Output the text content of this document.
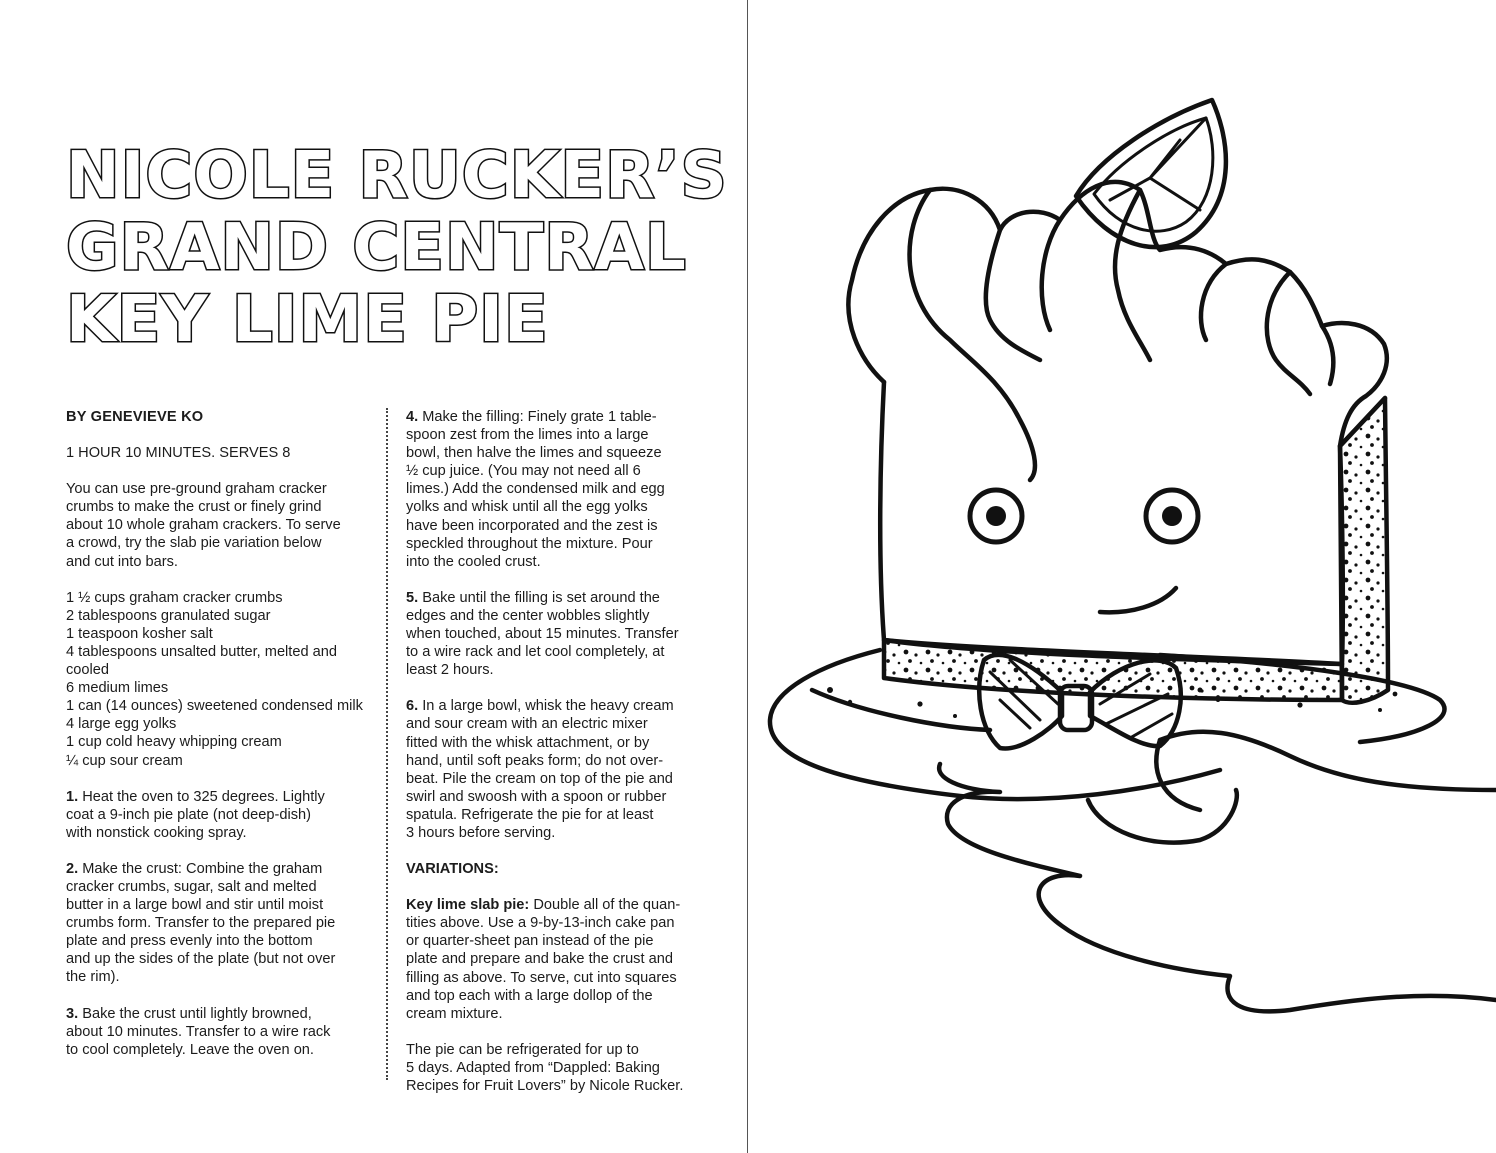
NICOLE RUCKER’S
GRAND CENTRAL
KEY LIME PIE

BY GENEVIEVE KO

1 HOUR 10 MINUTES. SERVES 8

You can use pre-ground graham cracker
crumbs to make the crust or finely grind
about 10 whole graham crackers. To serve
a crowd, try the slab pie variation below
and cut into bars.

1 ½ cups graham cracker crumbs
2 tablespoons granulated sugar
1 teaspoon kosher salt
4 tablespoons unsalted butter, melted and cooled
6 medium limes
1 can (14 ounces) sweetened condensed milk
4 large egg yolks
1 cup cold heavy whipping cream
¼ cup sour cream

1. Heat the oven to 325 degrees. Lightly
coat a 9-inch pie plate (not deep-dish)
with nonstick cooking spray.

2. Make the crust: Combine the graham
cracker crumbs, sugar, salt and melted
butter in a large bowl and stir until moist
crumbs form. Transfer to the prepared pie
plate and press evenly into the bottom
and up the sides of the plate (but not over
the rim).

3. Bake the crust until lightly browned,
about 10 minutes. Transfer to a wire rack
to cool completely. Leave the oven on.

4. Make the filling: Finely grate 1 table-
spoon zest from the limes into a large
bowl, then halve the limes and squeeze
½ cup juice. (You may not need all 6
limes.) Add the condensed milk and egg
yolks and whisk until all the egg yolks
have been incorporated and the zest is
speckled throughout the mixture. Pour
into the cooled crust.

5. Bake until the filling is set around the
edges and the center wobbles slightly
when touched, about 15 minutes. Transfer
to a wire rack and let cool completely, at
least 2 hours.

6. In a large bowl, whisk the heavy cream
and sour cream with an electric mixer
fitted with the whisk attachment, or by
hand, until soft peaks form; do not over-
beat. Pile the cream on top of the pie and
swirl and swoosh with a spoon or rubber
spatula. Refrigerate the pie for at least
3 hours before serving.

VARIATIONS:

Key lime slab pie: Double all of the quan-
tities above. Use a 9-by-13-inch cake pan
or quarter-sheet pan instead of the pie
plate and prepare and bake the crust and
filling as above. To serve, cut into squares
and top each with a large dollop of the
cream mixture.

The pie can be refrigerated for up to
5 days. Adapted from “Dappled: Baking
Recipes for Fruit Lovers” by Nicole Rucker.
